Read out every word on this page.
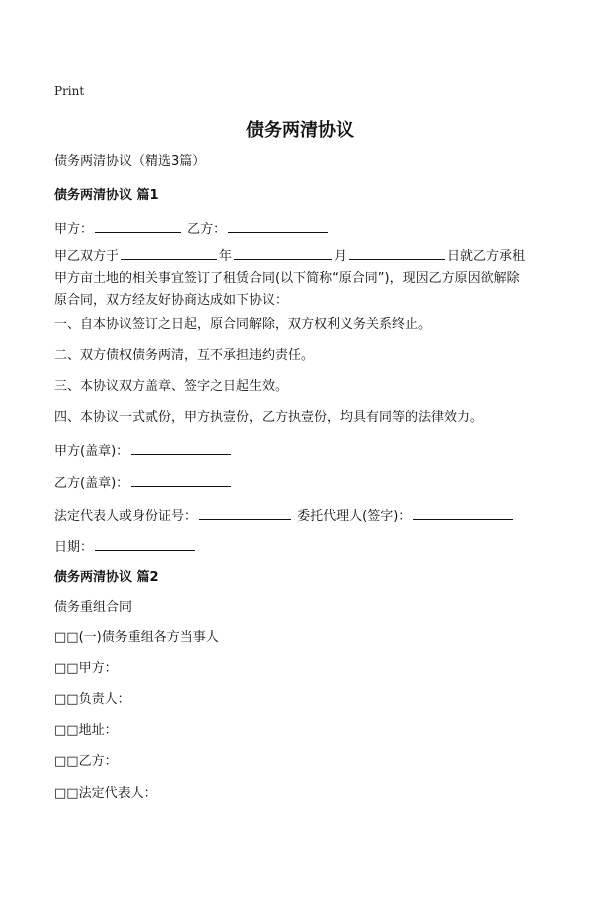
Print
债务两清协议
债务两清协议（精选3篇）
债务两清协议 篇1
甲方：	乙方：
甲乙双方于	年	月	日就乙方承租
甲方亩土地的相关事宜签订了租赁合同(以下简称“原合同”)，现因乙方原因欲解除
原合同，双方经友好协商达成如下协议：
一、自本协议签订之日起，原合同解除，双方权利义务关系终止。
二、双方债权债务两清，互不承担违约责任。
三、本协议双方盖章、签字之日起生效。
四、本协议一式贰份，甲方执壹份，乙方执壹份，均具有同等的法律效力。
甲方(盖章)：
乙方(盖章)：
法定代表人或身份证号：	委托代理人(签字)：
日期：
债务两清协议 篇2
债务重组合同
□□(一)债务重组各方当事人
□□甲方：
□□负责人：
□□地址：
□□乙方：
□□法定代表人：
